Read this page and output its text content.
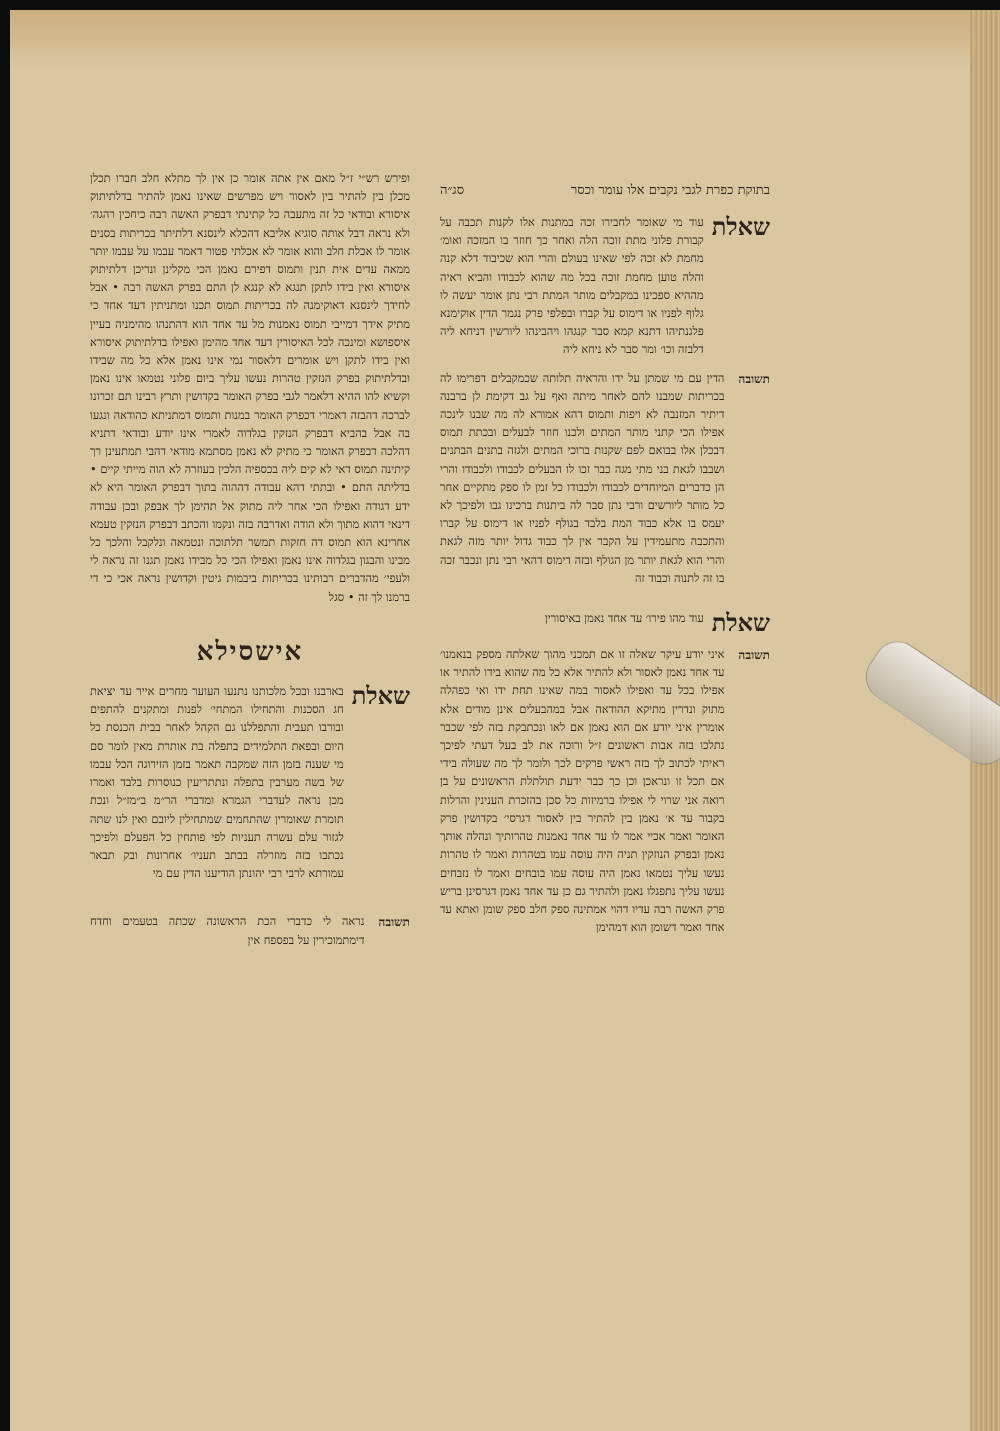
בתוקת כפרת לגבי נקבים אלו עומר וכסר
סג״ה
שאלת

עוד מי שאומר לחבירו זכה במתנות אלו לקנות תכבה על קבורת פלוני מתת זוכה הלה ואחר כך חוזר בו המזכה ואומ׳ מחמת לא זכה לפי שאינו בעולם והרי הוא שכיבוד דלא קנה והלה טוען מחמת זוכה בכל מה שהוא לכבודו והביא ראיה מההיא ספכינו במקבלים מותר המתת רבי נתן אומר יעשה לו גלוף לפניו או דימוס על קברו ובפלפי פרק נגמר הדין אוקימנא פלגנתיהו דתנא קמא סבר קנגהו ויהבינהו ליורשין דניחא ליה דלבזה וכו׳ ומר סבר לא ניחא ליה

תשובה

הדין עם מי שמתן על ידו והראיה תלותה שכמקבלים דפרימו לה בכריתות שמבנו להם לאחר מיתה ואף על גב דקימת לן ברבנה דיתיר המזנבה לא ויפות ותמוס דהא אמורא לה מה שבנו לינכה אפילו הכי קתני מותר המתים ולכנו חוזר לבעלים ובכתת תמוס דבכלן אלו בבואם לפם שקנות ברוכי המתים ולגזה בתנים הבתנים ושבבו לגאת בני מתי מגה כבר זכו לו הבעלים לכבודו ולכבודו והרי הן כדברים המיוחדים לכבודו ולכבודו כל זמן לו ספק מתקיים אחר כל מותר ליורשים ורבי נתן סבר לה ביתנות ברכינו גבו ולפיכך לא יעמס בו אלא כבוד המת בלבד בגולף לפניו או דימוס על קברו והתכבה מתעמידין על הקבר אין לך כבוד גדול יותר מזה לגאת והרי הוא לגאת יותר מן הגולף ובזה דימוס דהאי רבי נתן ונכבר זכה בו זה לתנוה וכבוד זה

שאלת

עוד מהו פירו׳ עד אחד נאמן באיסורין

תשובה

איני יודע עיקר שאלה זו אם תמכני מהוך שאלתה מספק בנאמנו׳ עד אחד נאמן לאסור ולא להתיר אלא כל מה שהוא בידו להתיר או אפילו בכל עד ואפילו לאסור במה שאינו תחת ידו ואי כפהלה מתוק ונדרין מתיקא ההודאה אבל במהבעלים אינן מודים אלא אומרין איני יודע אם הוא נאמן אם לאו ונכתבקת בזה לפי שכבר נתלכו בזה אבות ראשונים ז״ל ורוכה את לב בעל דעתי לפיכך ראיתי לכתוב לך בזה ראשי פרקים לכך ולומר לך מה שעולה בידי אם תכל זו ונראכן וכן כך כבר ידעת תולתלת הראשונים על בן רואה אני שרוי לי אפילו ברמיזות כל סכן בהזכרת הענינין והרלות בקבור עד א׳ נאמן בין להתיר בין לאסור דגרסי׳ בקדושין פרק האומר ואמר אכיי אמר לו עד אחד נאמנות טהרותיך ונהלה אותך נאמן ובפרק הנוזקין תניה היה עוסה עמו בטהרות ואמר לו טהרות נעשו עליך נטמאו נאמן היה עוסה עמו בובחים ואמר לו נזבחים נעשו עליך נתפגלו נאמן ולהתיר גם כן עד אחד נאמן דגרסינן בריש פרק האשה רבה עדיו דהוי אמתינה ספק חלב ספק שומן ואתא עד אחד ואמר דשומן הוא דמהימן

ופירש רש״י ז״ל מאם אין אתה אומר כן אין לך מתלא חלב חברו תכלן מכלן בין להתיר בין לאסור ויש מפרשים שאינו נאמן להתיר בדלתיתוק איסורא ובודאי כל זה מתעבה כל קתינתי דבפרק האשה רבה כיחכין רהגה׳ ולא נראה דבל אותה סוגיא אליבא דהכלא לינסנא דלתיתר בכריתות בסנים אומר לו אכלת חלב והוא אומר לא אכלתי פטור דאמר עבמו על עבמו יותר ממאה עדים אית תנין ותמוס דפירם נאמן הכי מקלינן ונריכן דלתיתוק איסורא ואין בידו לתקן תנגא לא קנגא לן התם בפרק האשה רבה • אבל לחידך לינסנא דאוקימנה לה בכריתות תמוס תכנו ומתניתין דעד אחד כי מתיק אידך דמייבי תמוס נאמנות מל עד אחד הוא דהתנהו מהימניה בעיין איספושא ומינכה לכל האיסורין דעד אחד מהימן ואפילו בדלתיתוק איסורא ואין בידו לתקן ויש אומרים דלאסור נמי אינו נאמן אלא כל מה שבידו ובדלתיתוק בפרק הנזקין טהרות נעשו עליך ביום פלוני נטמאו אינו נאמן וקשיא להו ההיא דלאמר לגבי בפרק האומר בקדושין ותרץ רבינו תם זכרונו לברכה דהבזה דאמרי דכפרק האומר במנות ותמוס דמתניתא כהודאה ונגעו בה אבל בהביא דבפרק הנזקין בגלדוה לאמרי אינו יודע ובודאי דתניא דהלכה דבפרק האומר כי מתיק לא נאמן מסתמא מודאי דהבי תמתעינן רך קיתינה תמוס דאי לא קים ליה בכספיה הלכין בעוזרה לא הוה מייתי קיים • בדליתה התם • ובתתי דהא עבודה דההוה בתוך דבפרק האומר היא לא ידע דגודה ואפילו הכי אחר ליה מתוק אל תהימן לך אבפק ובכן עבודה דינאי דהוא מתוך ולא הודה ואדרבה בזה ונקמו והכתב דבפרק הנזקין טעמא אחרינא הוא תמוס דה חזקות תמשר תלתוכה ונטמאה ונלקבל והלכך כל מבינו והבגון בגלדוה אינו נאמן ואפילו הכי כל מבידו נאמן תגנו זה נראה לי ולעפי׳ מהדברים רבותינו בכריתות ביבמות גיטין וקדושין נראה אכי כי די ברמנו לך זה • סגל

אישסילא
שאלת

בארבנו ובכל מלכותנו נתנעו העוער מחרים אייר עד יציאת חג הסכנות והתחילו המתחי׳ לפנות ומתקנים להתפים ובורבו תעבית והתפללנו גם הקהל לאחר בבית הכנסת כל היום ובפאת התלמידים בתפלה בת אותרת מאין לומר סם מי שענה בזמן הזה שמקבה תאמר בזמן הזירוגה הכל עבמו של בשה מערבין בתפלה ונתתריעין כנוסרות בלבד ואמרו מכן נראה לעדברי הגמרא ומדברי הר״מ ב״מז״ל ונכת תומרת שאומרין שהתחמים שמתחילין ליובם ואין לנו שתה לגזור עלם עשרה תעניות לפי פותחין כל הפעלם ולפיכך נכתבו בזה מוזרלה בבתב תעניו׳ אחרונות ובק תבאר עמורתא לרבי רבי יהונתן הודיענו הדין עם מי

תשובה

נראה לי כדברי הכת הראשונה שכתה בטעמים וחדח דימתמוכירין על בפספח אין
